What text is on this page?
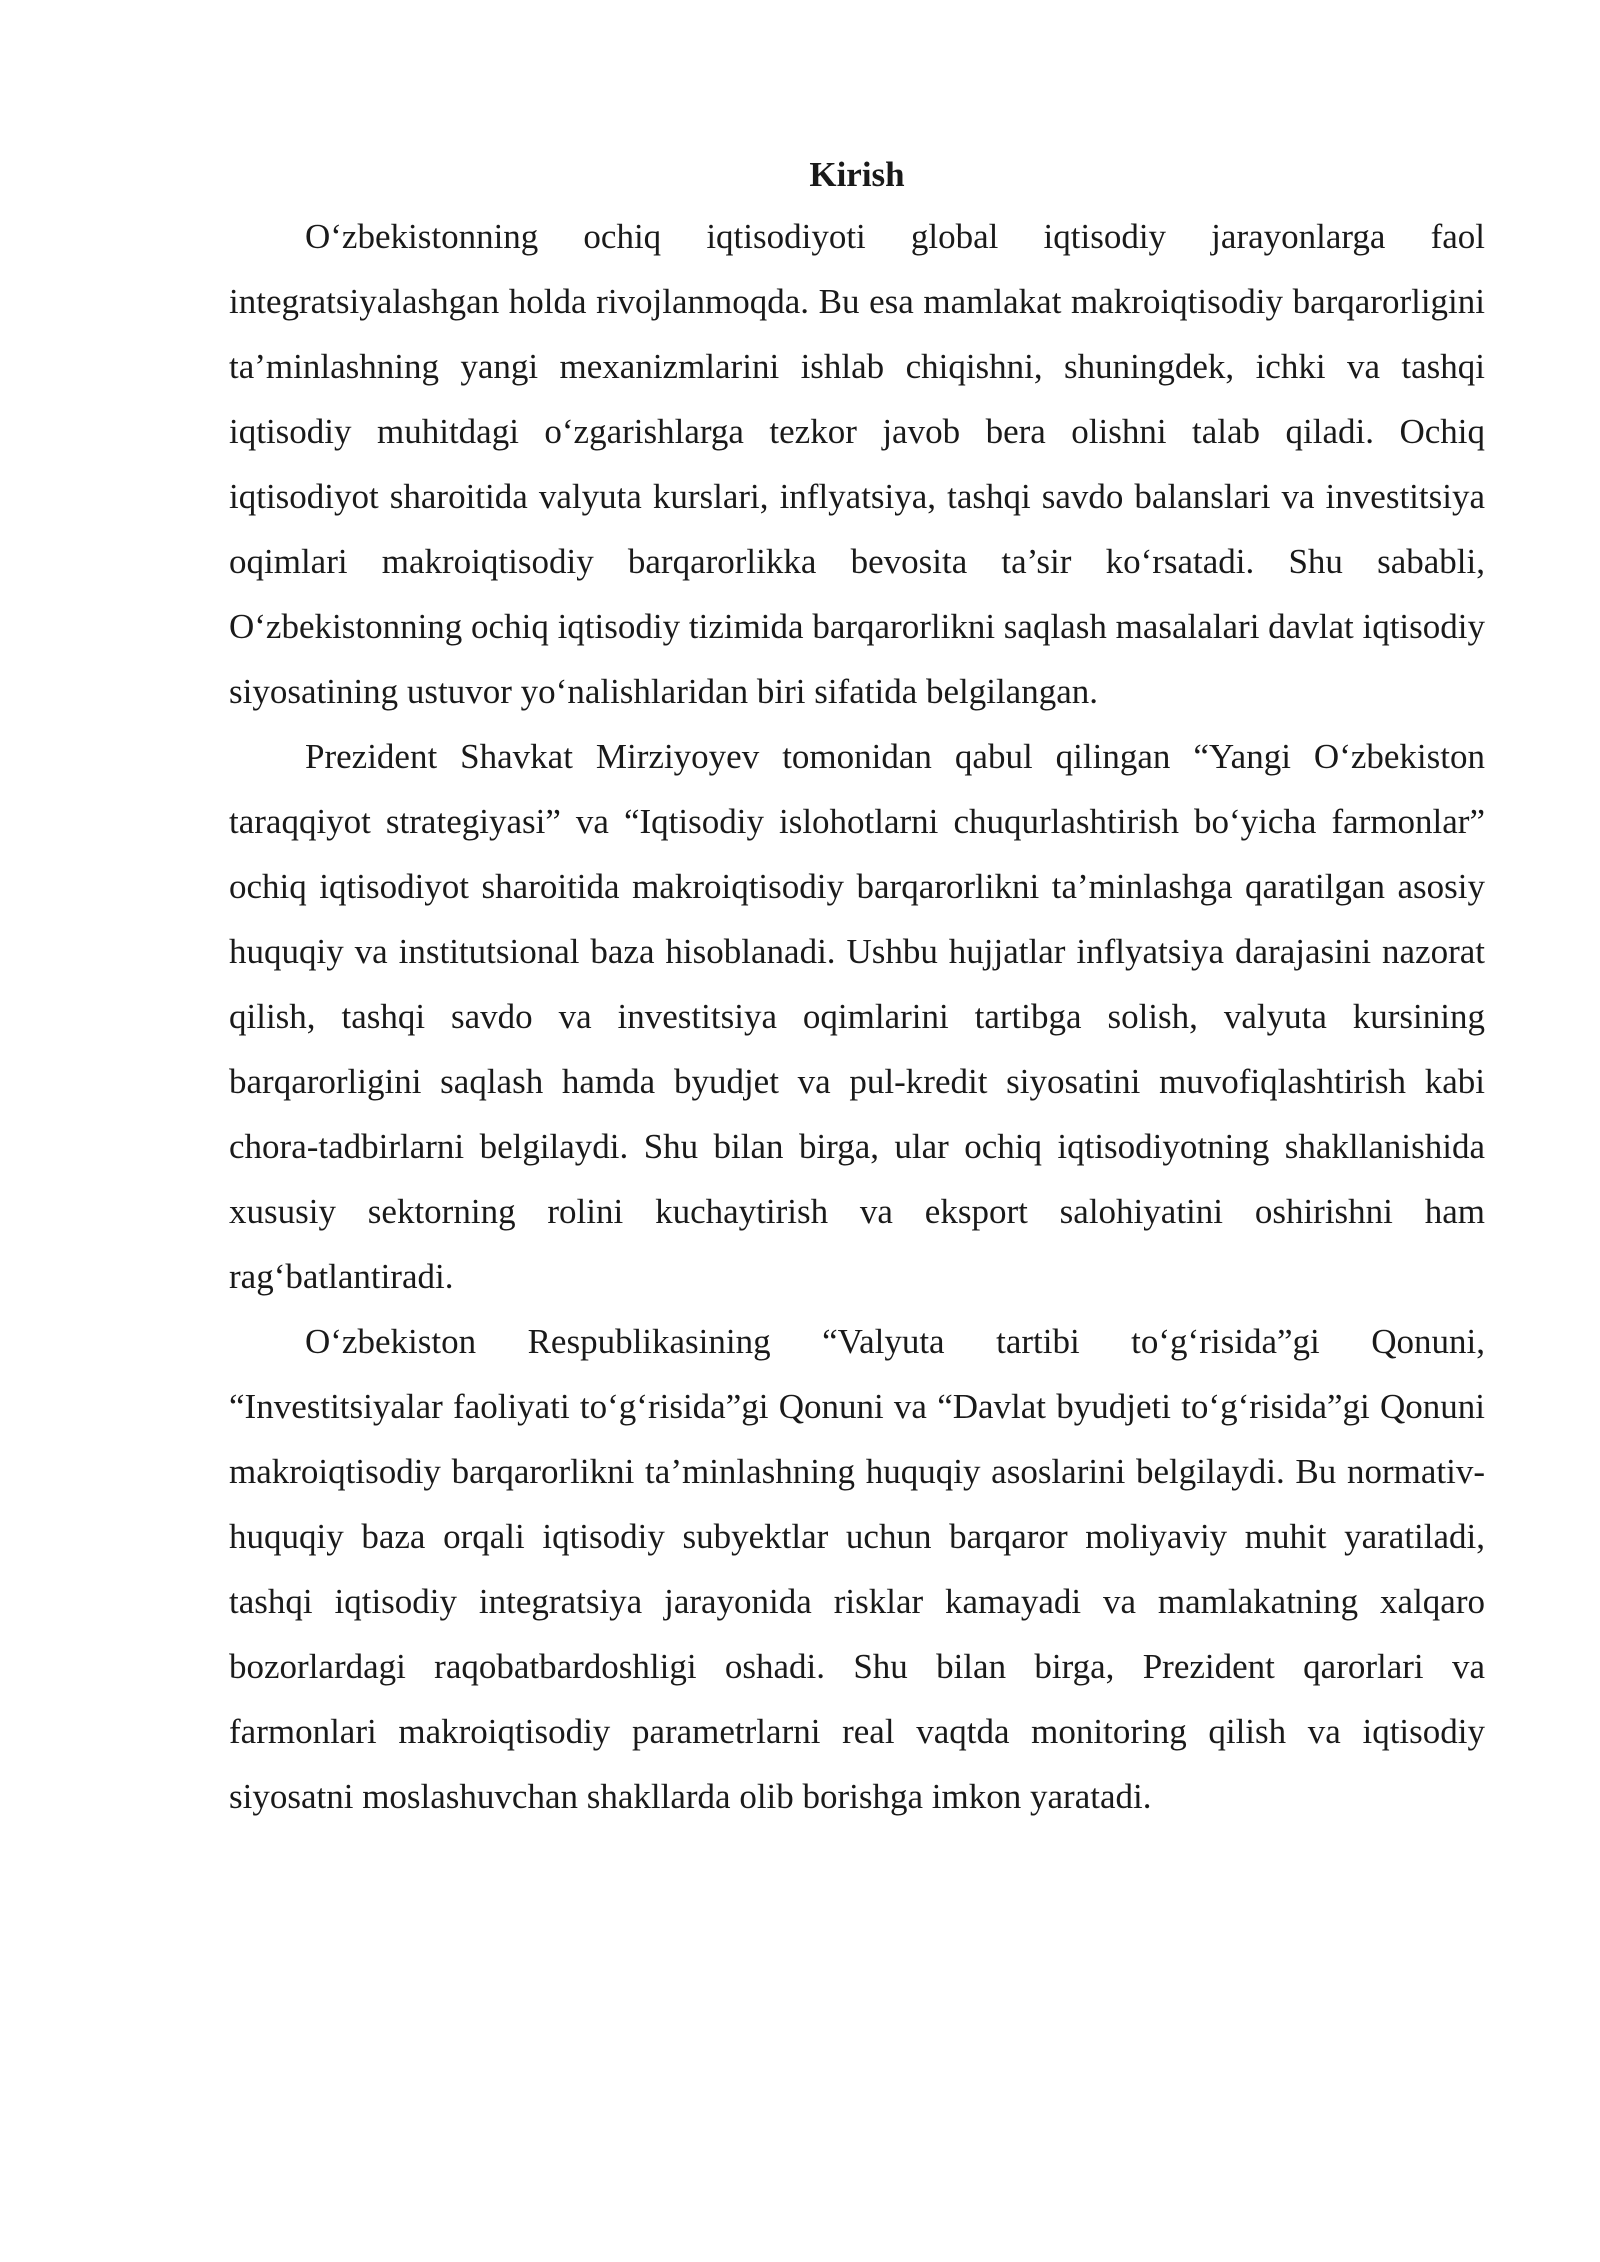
Kirish

O‘zbekistonning ochiq iqtisodiyoti global iqtisodiy jarayonlarga faol integratsiyalashgan holda rivojlanmoqda. Bu esa mamlakat makroiqtisodiy barqarorligini ta’minlashning yangi mexanizmlarini ishlab chiqishni, shuningdek, ichki va tashqi iqtisodiy muhitdagi o‘zgarishlarga tezkor javob bera olishni talab qiladi. Ochiq iqtisodiyot sharoitida valyuta kurslari, inflyatsiya, tashqi savdo balanslari va investitsiya oqimlari makroiqtisodiy barqarorlikka bevosita ta’sir ko‘rsatadi. Shu sababli, O‘zbekistonning ochiq iqtisodiy tizimida barqarorlikni saqlash masalalari davlat iqtisodiy siyosatining ustuvor yo‘nalishlaridan biri sifatida belgilangan.

Prezident Shavkat Mirziyoyev tomonidan qabul qilingan “Yangi O‘zbekiston taraqqiyot strategiyasi” va “Iqtisodiy islohotlarni chuqurlashtirish bo‘yicha farmonlar” ochiq iqtisodiyot sharoitida makroiqtisodiy barqarorlikni ta’minlashga qaratilgan asosiy huquqiy va institutsional baza hisoblanadi. Ushbu hujjatlar inflyatsiya darajasini nazorat qilish, tashqi savdo va investitsiya oqimlarini tartibga solish, valyuta kursining barqarorligini saqlash hamda byudjet va pul-kredit siyosatini muvofiqlashtirish kabi chora-tadbirlarni belgilaydi. Shu bilan birga, ular ochiq iqtisodiyotning shakllanishida xususiy sektorning rolini kuchaytirish va eksport salohiyatini oshirishni ham rag‘batlantiradi.

O‘zbekiston Respublikasining “Valyuta tartibi to‘g‘risida”gi Qonuni, “Investitsiyalar faoliyati to‘g‘risida”gi Qonuni va “Davlat byudjeti to‘g‘risida”gi Qonuni makroiqtisodiy barqarorlikni ta’minlashning huquqiy asoslarini belgilaydi. Bu normativ-huquqiy baza orqali iqtisodiy subyektlar uchun barqaror moliyaviy muhit yaratiladi, tashqi iqtisodiy integratsiya jarayonida risklar kamayadi va mamlakatning xalqaro bozorlardagi raqobatbardoshligi oshadi. Shu bilan birga, Prezident qarorlari va farmonlari makroiqtisodiy parametrlarni real vaqtda monitoring qilish va iqtisodiy siyosatni moslashuvchan shakllarda olib borishga imkon yaratadi.
